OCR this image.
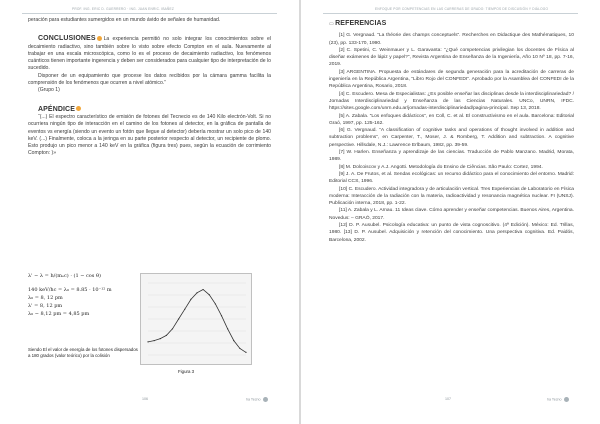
PROF. ING. ERIC D. GUERRERO · ING. JUAN ENRIC. IBAÑEZ

peración para estudiantes sumergidos en un mundo ávido de señales de humanidad.

CONCLUSIONES La experiencia permitió no solo integrar los conocimientos sobre el decaimiento radiactivo, sino también sobre lo visto sobre efecto Compton en el aula. Nuevamente al trabajar en una escala microscópica, como lo es el proceso de decaimiento radiactivo, los fenómenos cuánticos tienen importante ingerencia y deben ser considerados para cualquier tipo de interpretación de lo sucedido.

Disponer de un equipamiento que procese los datos recibidos por la cámara gamma facilita la comprensión de los fenómenos que ocurren a nivel atómico.”

(Grupo 1)

APÉNDICE

“(...) El espectro característico de emisión de fotones del Tecnecio es de 140 Kilo electrón-Volt. Si no ocurriera ningún tipo de interacción en el camino de los fotones al detector, en la gráfica de pantalla de eventos vs energía (siendo un evento un fotón que llegue al detector) debería mostrar un solo pico de 140 keV. (...) Finalmente, coloca a la jeringa en su parte posterior respecto al detector, un recipiente de plomo. Esto produjo un pico menor a 140 keV en la gráfica (figura tres) pues, según la ecuación de corrimiento Compton: )»

λ' − λ = h/(mₑc) · (1 − cos θ)
140 keV/hc = λ₀ = 8.85 · 10⁻¹² m
λ₀ = 8, 12 pm
λ' = 8, 12 pm
λ₀ − 8,12 pm = 4,85 pm
Siendo El el valor de energía de los fotones dispersados a 180 grados (valor teórico) por la colisión
Figura 3
106	ha Tecno
ENFOQUE POR COMPETENCIAS EN LAS CARRERAS DE GRADO: TIEMPOS DE DISCUSIÓN Y DIÁLOGO

▭ REFERENCIAS

[1] G. Vergnaud. “La théorie des champs conceptuels”. Recherches en Didactique des Mathématiques, 10 (23), pp. 133-170, 1990.

[2] C. Spetini, C. Weinmauer y L. Garavanta: “¿Qué competencias privilegian los docentes de Física al diseñar exámenes de lápiz y papel?”, Revista Argentina de Enseñanza de la Ingeniería, Año 10 Nº 18, pp. 7-16, 2019.

[3] ARGENTINA. Propuesta de estándares de segunda generación para la acreditación de carreras de ingeniería en la República Argentina, “Libro Rojo del CONFEDI”. Aprobado por la Asamblea del CONFEDI de la República Argentina, Rosario, 2018.

[4] C. Escudero. Mesa de Especialistas: ¿Es posible enseñar las disciplinas desde la interdisciplinariedad? / Jornadas Interdisciplinariedad y Enseñanza de las Ciencias Naturales. UNCo, UNRN, IFDC. https://sites.google.com/unrn.edu.ar/jornadas-interdisciplinariedad/pagina-principal. Sep 13, 2018.

[5] A. Zabala. “Los enfoques didácticos”, en Coll, C. et al. El constructivismo en el aula. Barcelona: Editorial Graó, 1997, pp. 125-162.

[6] G. Vergnaud. “A classification of cognitive tasks and operations of thought involved in addition and subtraction problems”, en Carpenter, T., Moser, J. & Romberg, T. Addition and subtraction. A cognitive perspective. Hillsdale, N.J.: Lawrence Erlbaum, 1982, pp. 39-59.

[7] W. Harlen. Enseñanza y aprendizaje de las ciencias. Traducción de Pablo Manzano. Madrid, Morata, 1989.

[8] M. Dolcoiscov y A.J. Angotti. Metodología do Ensino de Ciências. São Paulo: Cortez, 1994.

[9] J. A. De Frutos, et al. Sendas ecológicas: un recurso didáctico para el conocimiento del entorno. Madrid: Editorial CCS, 1996.

[10] C. Escudero. Actividad integradora y de articulación vertical. Tres Experiencias de Laboratorio en Física moderna: Interacción de la radiación con la materia, radioactividad y resonancia magnética nuclear. FI (UNSJ). Publicación interna, 2018, pp. 1-22.

[11] A. Zabala y L. Arnau. 11 Ideas clave. Cómo aprender y enseñar competencias. Buenos Aires, Argentina. Novedus: – GRAÓ, 2017.

[12] D. P. Ausubel. Psicología educativa: un punto de vista cognoscitivo. (4ª Edición). México: Ed. Trillas, 1980. [13] D. P. Ausubel. Adquisición y retención del conocimiento. Una perspectiva cognitiva. Ed. Paidós, Barcelona, 2002.

107	ha Tecno
